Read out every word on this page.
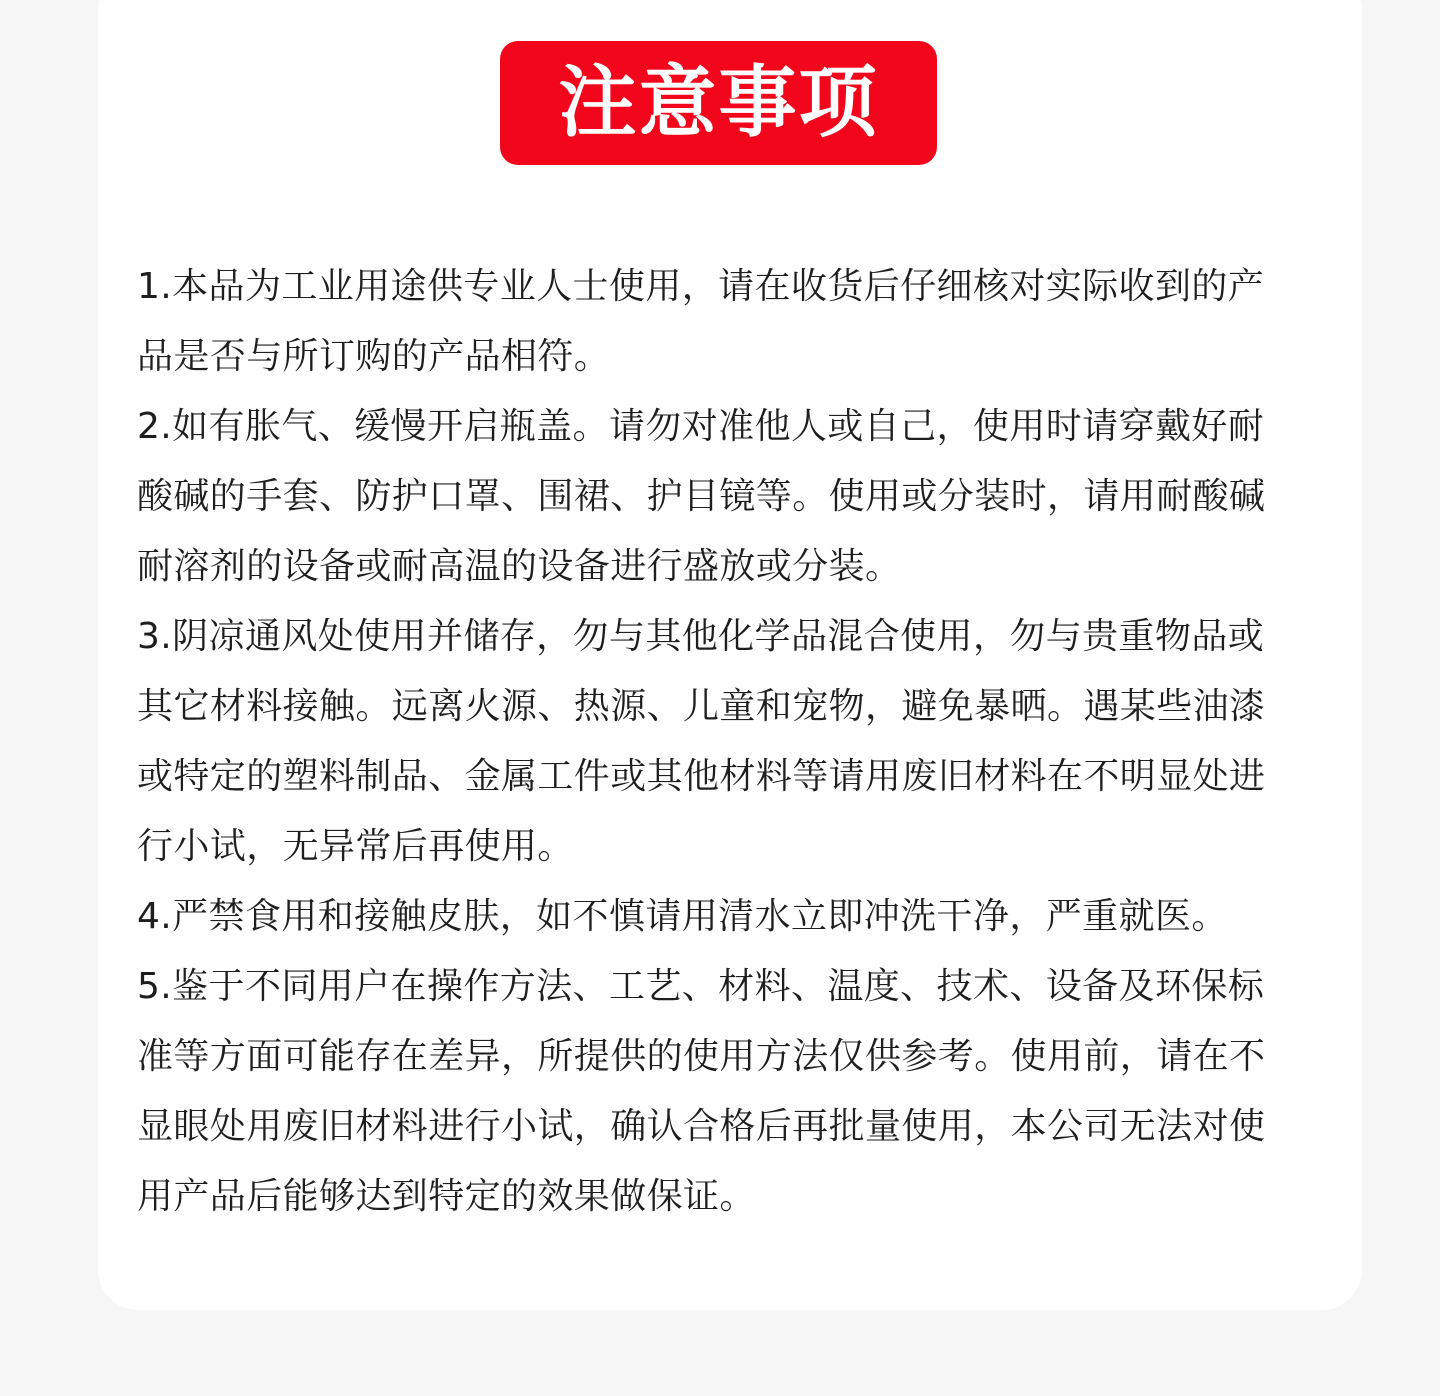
注意事项
1.本品为工业用途供专业人士使用，请在收货后仔细核对实际收到的产
品是否与所订购的产品相符。
2.如有胀气、缓慢开启瓶盖。请勿对准他人或自己，使用时请穿戴好耐
酸碱的手套、防护口罩、围裙、护目镜等。使用或分装时，请用耐酸碱
耐溶剂的设备或耐高温的设备进行盛放或分装。
3.阴凉通风处使用并储存，勿与其他化学品混合使用，勿与贵重物品或
其它材料接触。远离火源、热源、儿童和宠物，避免暴晒。遇某些油漆
或特定的塑料制品、金属工件或其他材料等请用废旧材料在不明显处进
行小试，无异常后再使用。
4.严禁食用和接触皮肤，如不慎请用清水立即冲洗干净，严重就医。
5.鉴于不同用户在操作方法、工艺、材料、温度、技术、设备及环保标
准等方面可能存在差异，所提供的使用方法仅供参考。使用前，请在不
显眼处用废旧材料进行小试，确认合格后再批量使用，本公司无法对使
用产品后能够达到特定的效果做保证。
